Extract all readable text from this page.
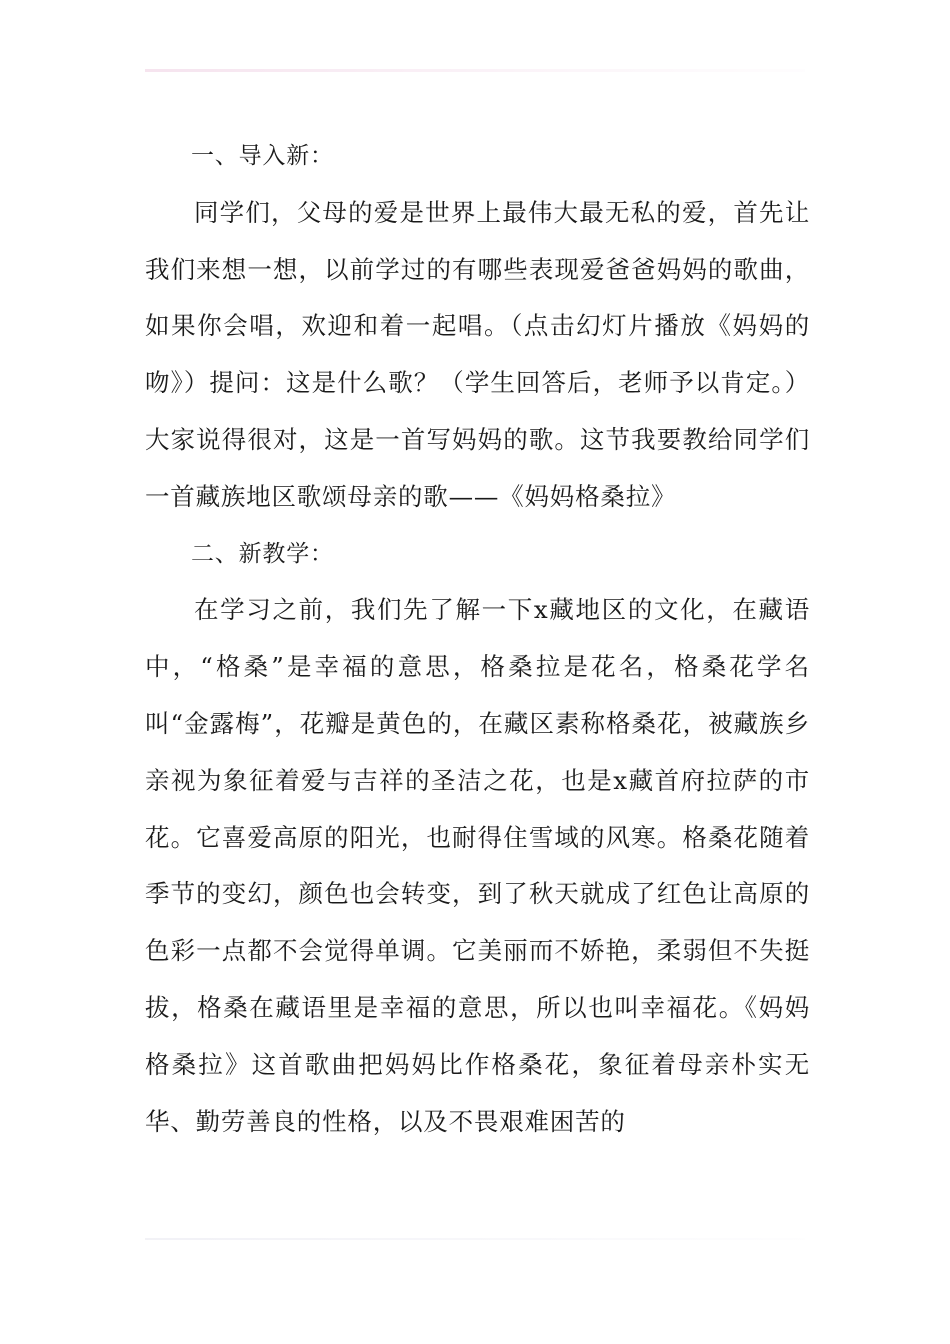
一、导入新：

同学们，父母的爱是世界上最伟大最无私的爱，首先让我们来想一想，以前学过的有哪些表现爱爸爸妈妈的歌曲，如果你会唱，欢迎和着一起唱。（点击幻灯片播放《妈妈的吻》）提问：这是什么歌？（学生回答后，老师予以肯定。）大家说得很对，这是一首写妈妈的歌。这节我要教给同学们一首藏族地区歌颂母亲的歌——《妈妈格桑拉》

二、新教学：

在学习之前，我们先了解一下x藏地区的文化，在藏语中，“格桑”是幸福的意思，格桑拉是花名，格桑花学名叫“金露梅”，花瓣是黄色的，在藏区素称格桑花，被藏族乡亲视为象征着爱与吉祥的圣洁之花，也是x藏首府拉萨的市花。它喜爱高原的阳光，也耐得住雪域的风寒。格桑花随着季节的变幻，颜色也会转变，到了秋天就成了红色让高原的色彩一点都不会觉得单调。它美丽而不娇艳，柔弱但不失挺拔，格桑在藏语里是幸福的意思，所以也叫幸福花。《妈妈格桑拉》这首歌曲把妈妈比作格桑花，象征着母亲朴实无华、勤劳善良的性格，以及不畏艰难困苦的
